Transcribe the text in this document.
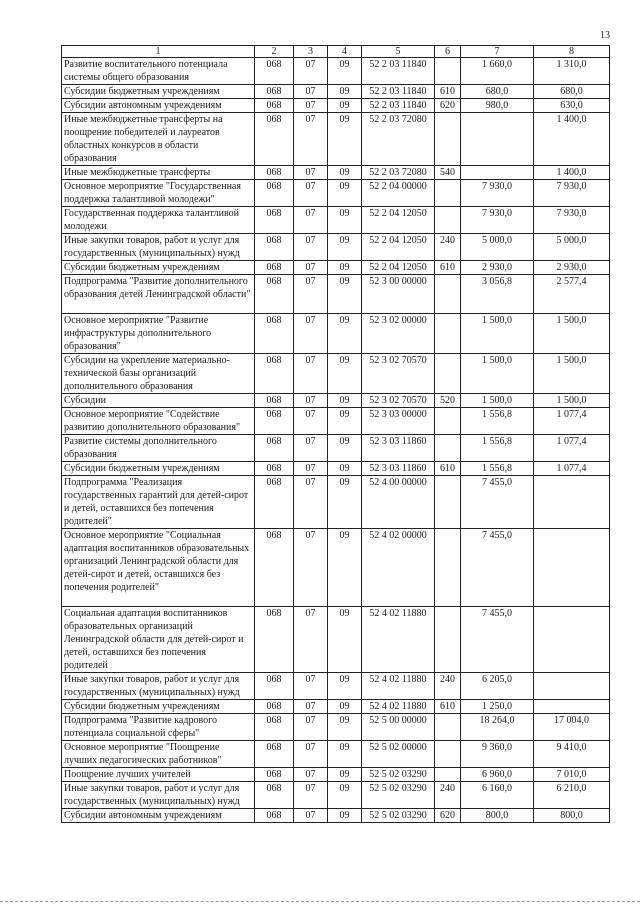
13
1	2	3	4	5	6	7	8
Развитие воспитательного потенциала системы общего образования	068	07	09	52 2 03 11840		1 660,0	1 310,0
Субсидии бюджетным учреждениям	068	07	09	52 2 03 11840	610	680,0	680,0
Субсидии автономным учреждениям	068	07	09	52 2 03 11840	620	980,0	630,0
Иные межбюджетные трансферты на поощрение победителей и лауреатов областных конкурсов в области образования	068	07	09	52 2 03 72080			1 400,0
Иные межбюджетные трансферты	068	07	09	52 2 03 72080	540		1 400,0
Основное мероприятие "Государственная поддержка талантливой молодежи"	068	07	09	52 2 04 00000		7 930,0	7 930,0
Государственная поддержка талантливой молодежи	068	07	09	52 2 04 12050		7 930,0	7 930,0
Иные закупки товаров, работ и услуг для государственных (муниципальных) нужд	068	07	09	52 2 04 12050	240	5 000,0	5 000,0
Субсидии бюджетным учреждениям	068	07	09	52 2 04 12050	610	2 930,0	2 930,0
Подпрограмма "Развитие дополнительного образования детей Ленинградской области"	068	07	09	52 3 00 00000		3 056,8	2 577,4
Основное мероприятие "Развитие инфраструктуры дополнительного образования"	068	07	09	52 3 02 00000		1 500,0	1 500,0
Субсидии на укрепление материально-технической базы организаций дополнительного образования	068	07	09	52 3 02 70570		1 500,0	1 500,0
Субсидии	068	07	09	52 3 02 70570	520	1 500,0	1 500,0
Основное мероприятие "Содействие развитию дополнительного образования"	068	07	09	52 3 03 00000		1 556,8	1 077,4
Развитие системы дополнительного образования	068	07	09	52 3 03 11860		1 556,8	1 077,4
Субсидии бюджетным учреждениям	068	07	09	52 3 03 11860	610	1 556,8	1 077,4
Подпрограмма "Реализация государственных гарантий для детей-сирот и детей, оставшихся без попечения родителей"	068	07	09	52 4 00 00000		7 455,0	
Основное мероприятие "Социальная адаптация воспитанников образовательных организаций Ленинградской области для детей-сирот и детей, оставшихся без попечения родителей"	068	07	09	52 4 02 00000		7 455,0	
Социальная адаптация воспитанников образовательных организаций Ленинградской области для детей-сирот и детей, оставшихся без попечения родителей	068	07	09	52 4 02 11880		7 455,0	
Иные закупки товаров, работ и услуг для государственных (муниципальных) нужд	068	07	09	52 4 02 11880	240	6 205,0	
Субсидии бюджетным учреждениям	068	07	09	52 4 02 11880	610	1 250,0	
Подпрограмма "Развитие кадрового потенциала социальной сферы"	068	07	09	52 5 00 00000		18 264,0	17 004,0
Основное мероприятие "Поощрение лучших педагогических работников"	068	07	09	52 5 02 00000		9 360,0	9 410,0
Поощрение лучших учителей	068	07	09	52 5 02 03290		6 960,0	7 010,0
Иные закупки товаров, работ и услуг для государственных (муниципальных) нужд	068	07	09	52 5 02 03290	240	6 160,0	6 210,0
Субсидии автономным учреждениям	068	07	09	52 5 02 03290	620	800,0	800,0
